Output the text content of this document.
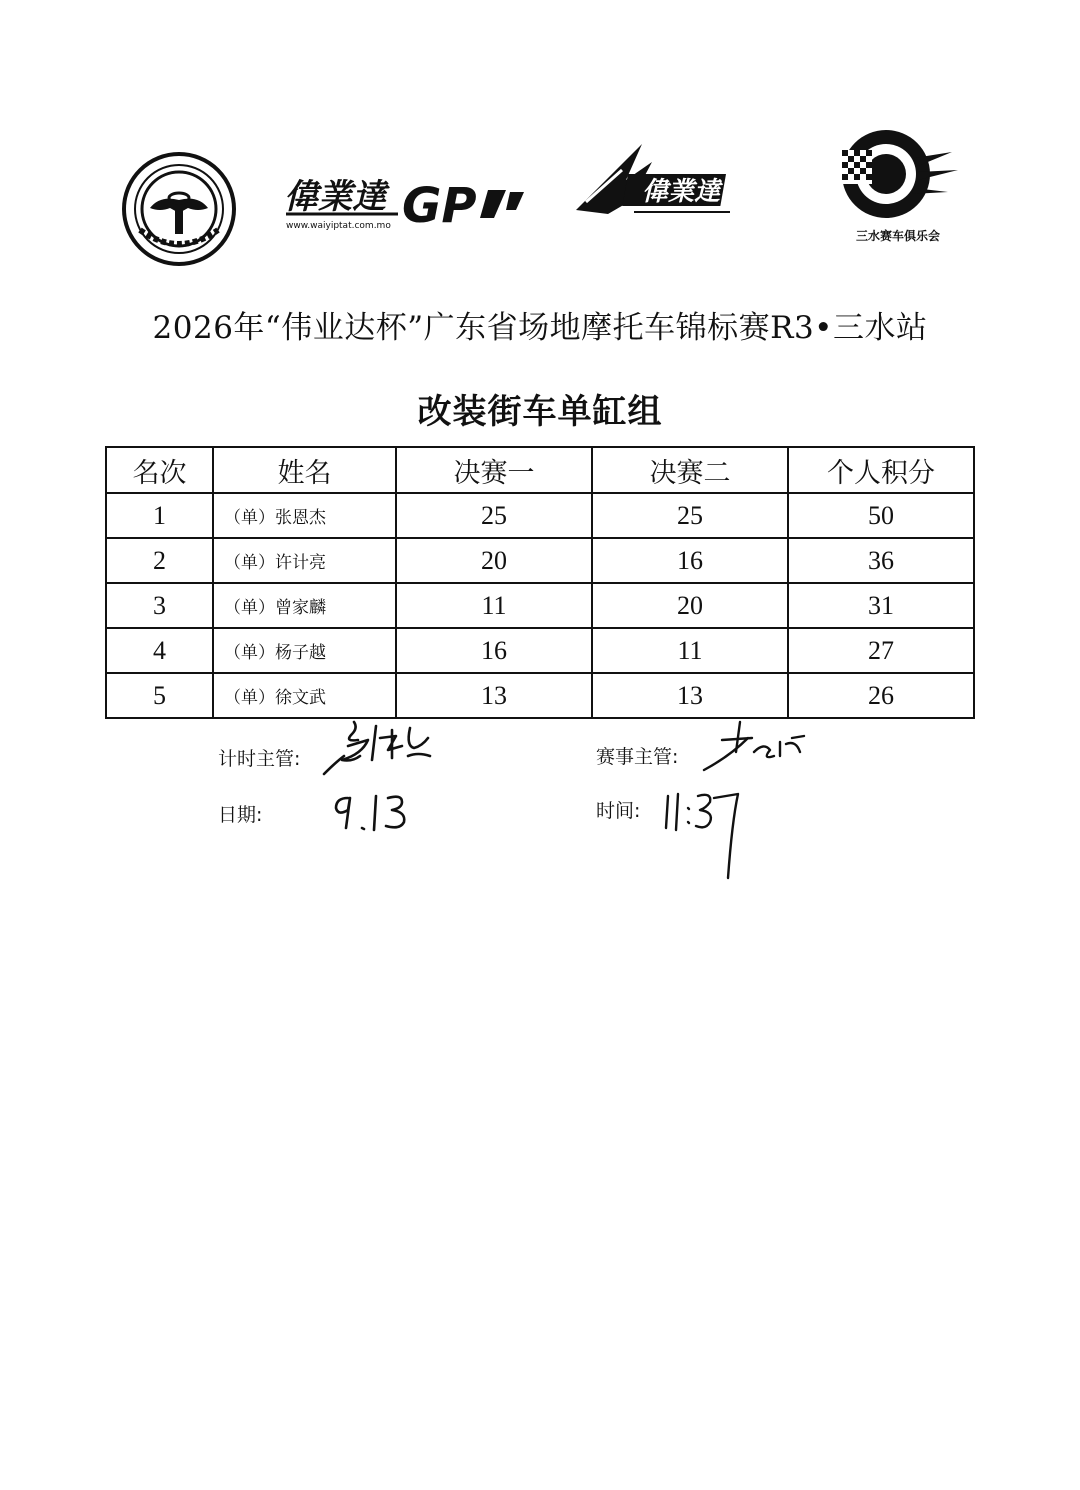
偉業達 GP
www.waiyiptat.com.mo
偉業達
三水赛车俱乐会
2026年“伟业达杯”广东省场地摩托车锦标赛R3•三水站
改装街车单缸组
名次	姓名	决赛一	决赛二	个人积分
1	（单）张恩杰	25	25	50
2	（单）许计亮	20	16	36
3	（单）曾家麟	11	20	31
4	（单）杨子越	16	11	27
5	（单）徐文武	13	13	26
计时主管:	赛事主管:
日期:	时间:
